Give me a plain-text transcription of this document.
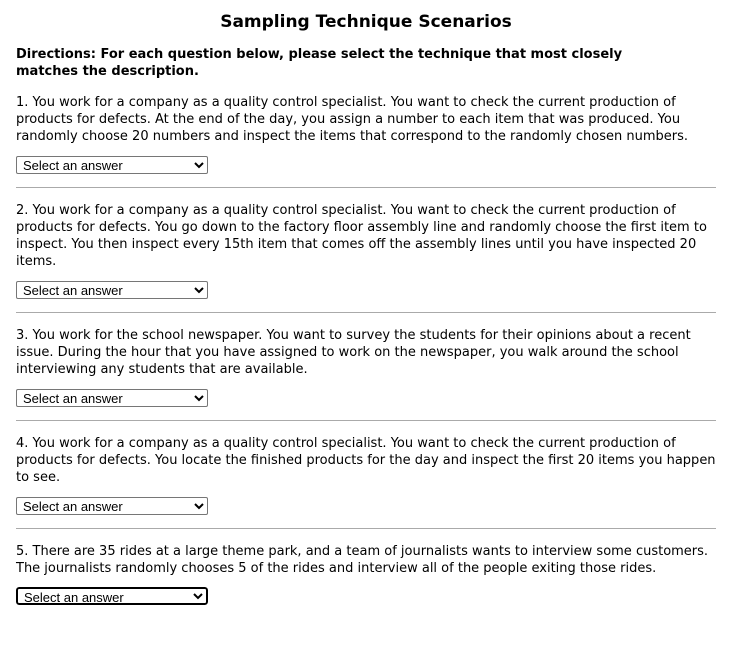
Sampling Technique Scenarios
Directions: For each question below, please select the technique that most closely matches the description.
1. You work for a company as a quality control specialist. You want to check the current production of products for defects. At the end of the day, you assign a number to each item that was produced. You randomly choose 20 numbers and inspect the items that correspond to the randomly chosen numbers.
Select an answer
2. You work for a company as a quality control specialist. You want to check the current production of products for defects. You go down to the factory floor assembly line and randomly choose the first item to inspect. You then inspect every 15th item that comes off the assembly lines until you have inspected 20 items.
Select an answer
3. You work for the school newspaper. You want to survey the students for their opinions about a recent issue. During the hour that you have assigned to work on the newspaper, you walk around the school interviewing any students that are available.
Select an answer
4. You work for a company as a quality control specialist. You want to check the current production of products for defects. You locate the finished products for the day and inspect the first 20 items you happen to see.
Select an answer
5. There are 35 rides at a large theme park, and a team of journalists wants to interview some customers. The journalists randomly chooses 5 of the rides and interview all of the people exiting those rides.
Select an answer
